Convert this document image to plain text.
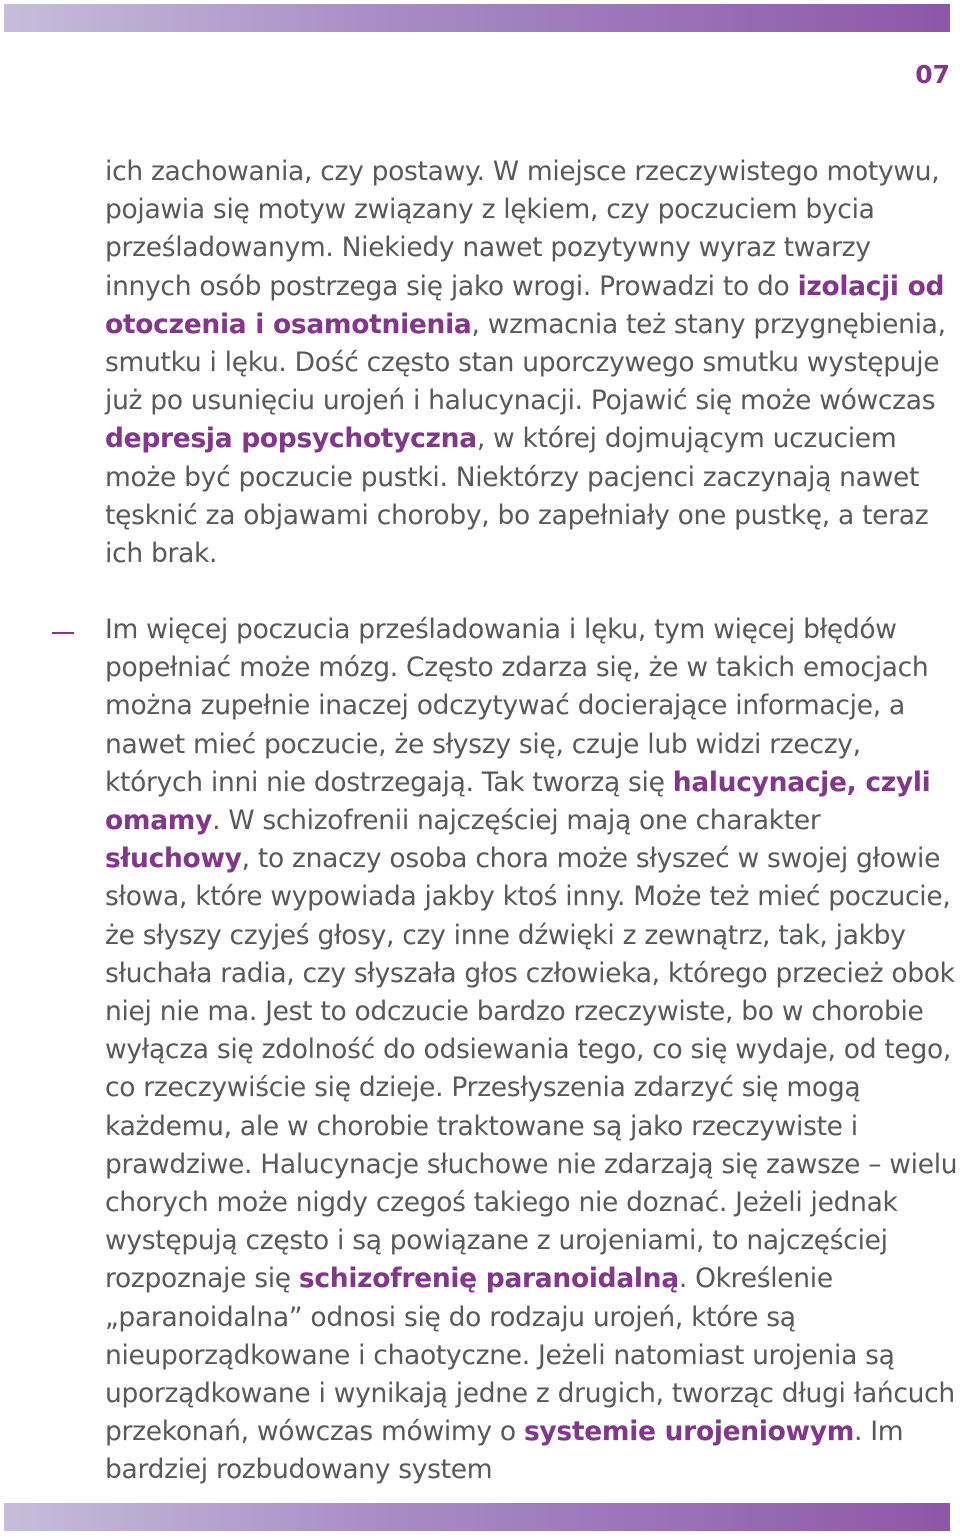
07

ich zachowania, czy postawy. W miejsce rzeczywistego motywu, pojawia się motyw związany z lękiem, czy poczuciem bycia prześladowanym. Niekiedy nawet pozytywny wyraz twarzy innych osób postrzega się jako wrogi. Prowadzi to do izolacji od otoczenia i osamotnienia, wzmacnia też stany przygnębienia, smutku i lęku. Dość często stan uporczywego smutku występuje już po usunięciu urojeń i halucynacji. Pojawić się może wówczas depresja popsychotyczna, w której dojmującym uczuciem może być poczucie pustki. Niektórzy pacjenci zaczynają nawet tęsknić za objawami choroby, bo zapełniały one pustkę, a teraz ich brak.

Im więcej poczucia prześladowania i lęku, tym więcej błędów popełniać może mózg. Często zdarza się, że w takich emocjach można zupełnie inaczej odczytywać docierające informacje, a nawet mieć poczucie, że słyszy się, czuje lub widzi rzeczy, których inni nie dostrzegają. Tak tworzą się halucynacje, czyli omamy. W schizofrenii najczęściej mają one charakter słuchowy, to znaczy osoba chora może słyszeć w swojej głowie słowa, które wypowiada jakby ktoś inny. Może też mieć poczucie, że słyszy czyjeś głosy, czy inne dźwięki z zewnątrz, tak, jakby słuchała radia, czy słyszała głos człowieka, którego przecież obok niej nie ma. Jest to odczucie bardzo rzeczywiste, bo w chorobie wyłącza się zdolność do odsiewania tego, co się wydaje, od tego, co rzeczywiście się dzieje. Przesłyszenia zdarzyć się mogą każdemu, ale w chorobie traktowane są jako rzeczywiste i prawdziwe. Halucynacje słuchowe nie zdarzają się zawsze – wielu chorych może nigdy czegoś takiego nie doznać. Jeżeli jednak występują często i są powiązane z urojeniami, to najczęściej rozpoznaje się schizofrenię paranoidalną. Określenie „paranoidalna” odnosi się do rodzaju urojeń, które są nieuporządkowane i chaotyczne. Jeżeli natomiast urojenia są uporządkowane i wynikają jedne z drugich, tworząc długi łańcuch przekonań, wówczas mówimy o systemie urojeniowym. Im bardziej rozbudowany system
